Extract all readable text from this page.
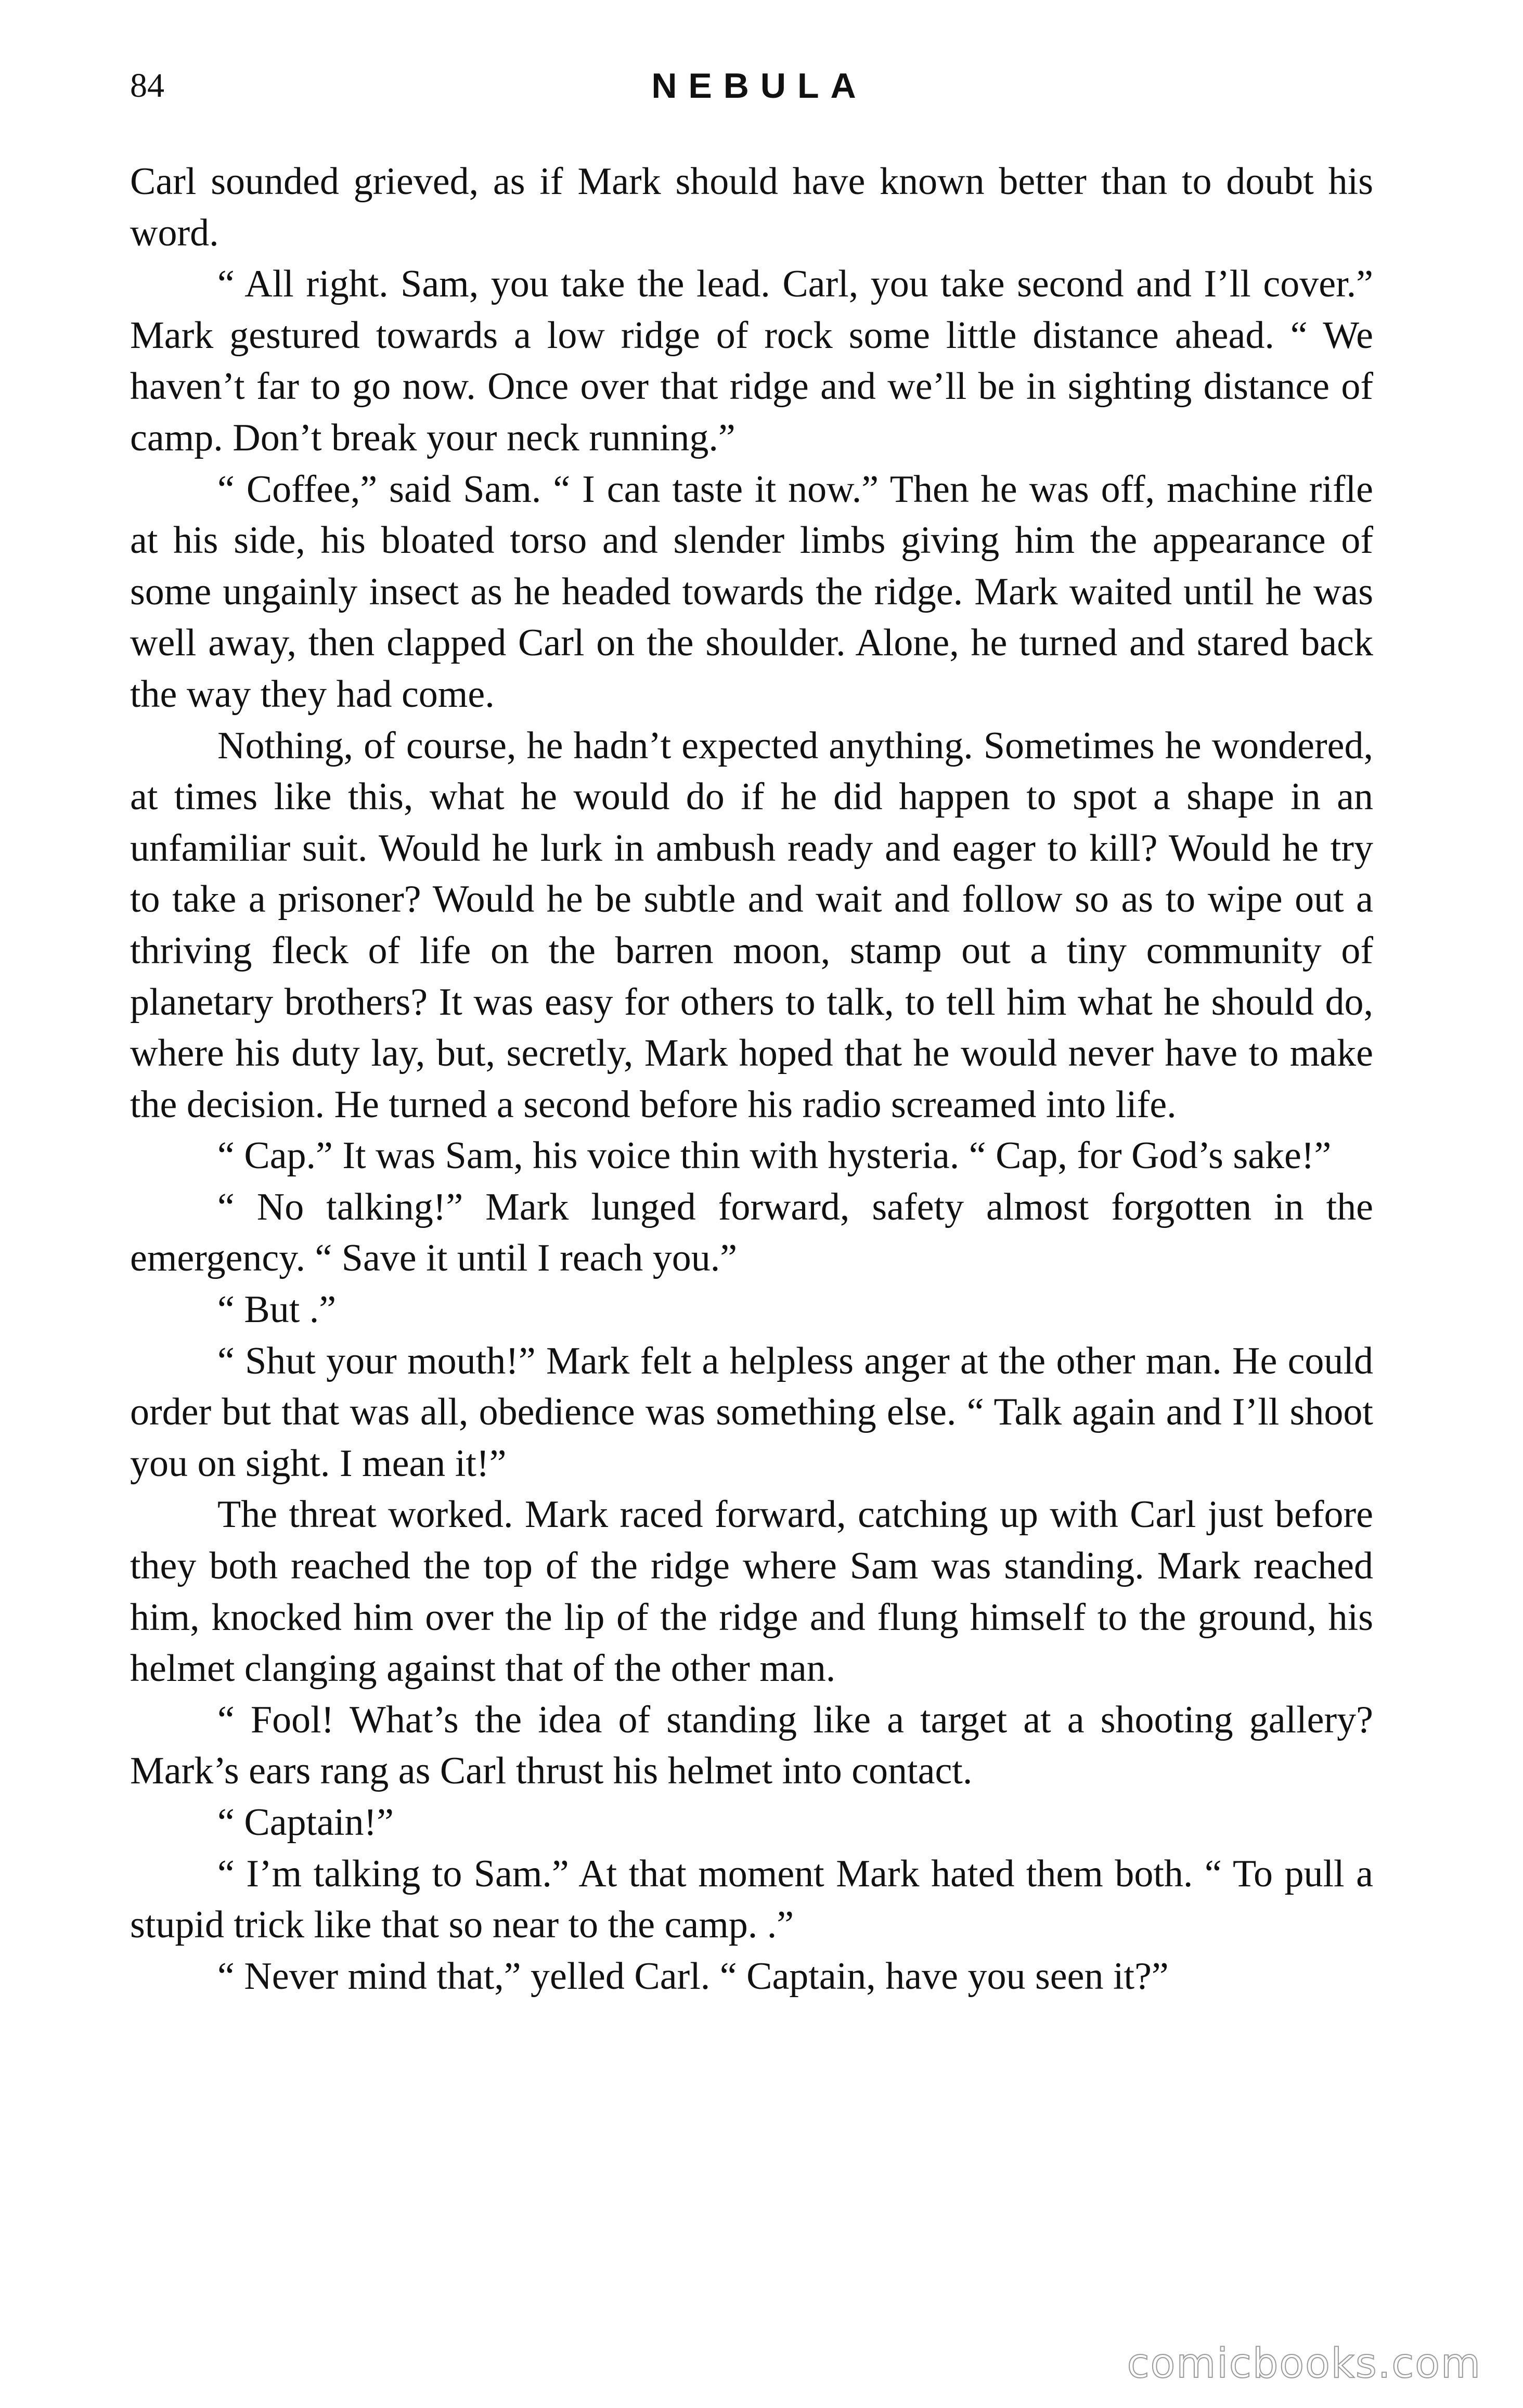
84	NEBULA

Carl sounded grieved, as if Mark should have known better than to doubt his word.

“ All right. Sam, you take the lead. Carl, you take second and I’ll cover.” Mark gestured towards a low ridge of rock some little distance ahead. “ We haven’t far to go now. Once over that ridge and we’ll be in sighting distance of camp. Don’t break your neck running.”

“ Coffee,” said Sam. “ I can taste it now.” Then he was off, machine rifle at his side, his bloated torso and slender limbs giving him the appearance of some ungainly insect as he headed towards the ridge. Mark waited until he was well away, then clapped Carl on the shoulder. Alone, he turned and stared back the way they had come.

Nothing, of course, he hadn’t expected anything. Sometimes he wondered, at times like this, what he would do if he did happen to spot a shape in an unfamiliar suit. Would he lurk in ambush ready and eager to kill? Would he try to take a prisoner? Would he be subtle and wait and follow so as to wipe out a thriving fleck of life on the barren moon, stamp out a tiny community of planetary brothers? It was easy for others to talk, to tell him what he should do, where his duty lay, but, secretly, Mark hoped that he would never have to make the decision. He turned a second before his radio screamed into life.

“ Cap.” It was Sam, his voice thin with hysteria. “ Cap, for God’s sake!”

“ No talking!” Mark lunged forward, safety almost forgotten in the emergency. “ Save it until I reach you.”

“ But .”

“ Shut your mouth!” Mark felt a helpless anger at the other man. He could order but that was all, obedience was something else. “ Talk again and I’ll shoot you on sight. I mean it!”

The threat worked. Mark raced forward, catching up with Carl just before they both reached the top of the ridge where Sam was standing. Mark reached him, knocked him over the lip of the ridge and flung himself to the ground, his helmet clanging against that of the other man.

“ Fool! What’s the idea of standing like a target at a shooting gallery? Mark’s ears rang as Carl thrust his helmet into contact.

“ Captain!”

“ I’m talking to Sam.” At that moment Mark hated them both. “ To pull a stupid trick like that so near to the camp. .”

“ Never mind that,” yelled Carl. “ Captain, have you seen it?”

comicbooks.com
